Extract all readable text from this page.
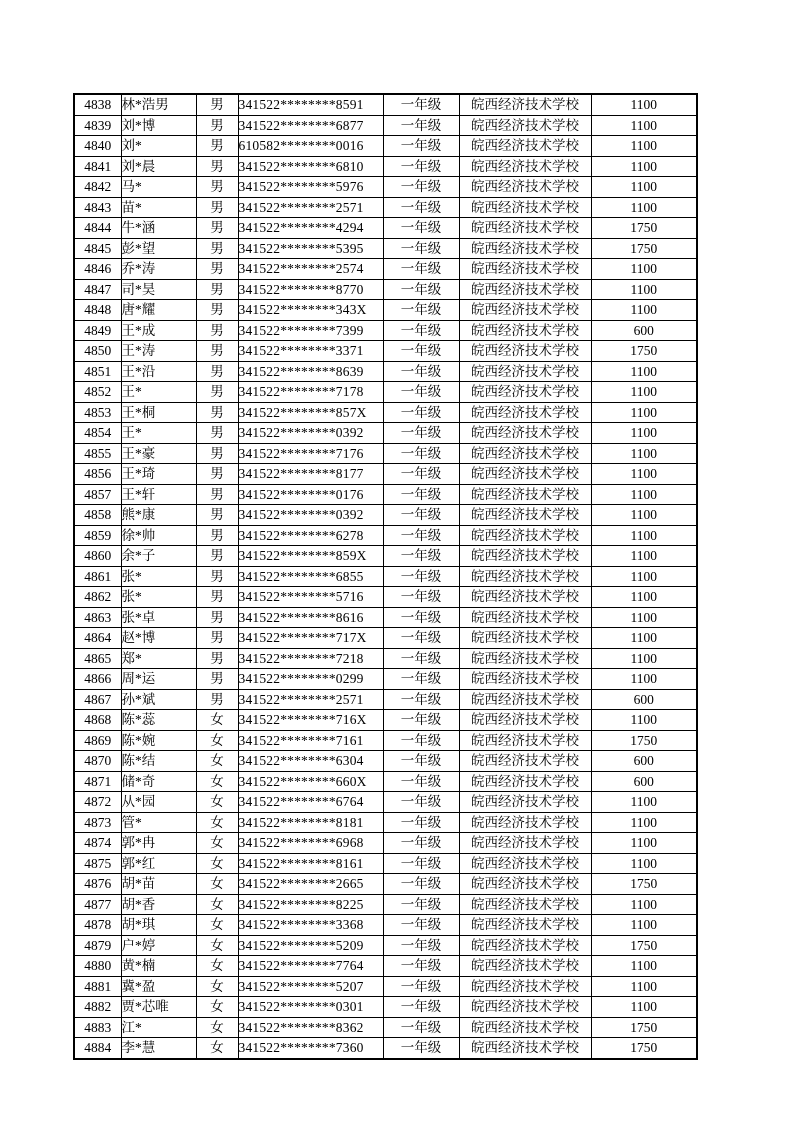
4838	林*浩男	男	341522********8591	一年级	皖西经济技术学校	1100
4839	刘*博	男	341522********6877	一年级	皖西经济技术学校	1100
4840	刘*	男	610582********0016	一年级	皖西经济技术学校	1100
4841	刘*晨	男	341522********6810	一年级	皖西经济技术学校	1100
4842	马*	男	341522********5976	一年级	皖西经济技术学校	1100
4843	苗*	男	341522********2571	一年级	皖西经济技术学校	1100
4844	牛*涵	男	341522********4294	一年级	皖西经济技术学校	1750
4845	彭*望	男	341522********5395	一年级	皖西经济技术学校	1750
4846	乔*涛	男	341522********2574	一年级	皖西经济技术学校	1100
4847	司*昊	男	341522********8770	一年级	皖西经济技术学校	1100
4848	唐*耀	男	341522********343X	一年级	皖西经济技术学校	1100
4849	王*成	男	341522********7399	一年级	皖西经济技术学校	600
4850	王*涛	男	341522********3371	一年级	皖西经济技术学校	1750
4851	王*沿	男	341522********8639	一年级	皖西经济技术学校	1100
4852	王*	男	341522********7178	一年级	皖西经济技术学校	1100
4853	王*桐	男	341522********857X	一年级	皖西经济技术学校	1100
4854	王*	男	341522********0392	一年级	皖西经济技术学校	1100
4855	王*豪	男	341522********7176	一年级	皖西经济技术学校	1100
4856	王*琦	男	341522********8177	一年级	皖西经济技术学校	1100
4857	王*轩	男	341522********0176	一年级	皖西经济技术学校	1100
4858	熊*康	男	341522********0392	一年级	皖西经济技术学校	1100
4859	徐*帅	男	341522********6278	一年级	皖西经济技术学校	1100
4860	余*子	男	341522********859X	一年级	皖西经济技术学校	1100
4861	张*	男	341522********6855	一年级	皖西经济技术学校	1100
4862	张*	男	341522********5716	一年级	皖西经济技术学校	1100
4863	张*卓	男	341522********8616	一年级	皖西经济技术学校	1100
4864	赵*博	男	341522********717X	一年级	皖西经济技术学校	1100
4865	郑*	男	341522********7218	一年级	皖西经济技术学校	1100
4866	周*运	男	341522********0299	一年级	皖西经济技术学校	1100
4867	孙*斌	男	341522********2571	一年级	皖西经济技术学校	600
4868	陈*蕊	女	341522********716X	一年级	皖西经济技术学校	1100
4869	陈*婉	女	341522********7161	一年级	皖西经济技术学校	1750
4870	陈*结	女	341522********6304	一年级	皖西经济技术学校	600
4871	储*奇	女	341522********660X	一年级	皖西经济技术学校	600
4872	从*园	女	341522********6764	一年级	皖西经济技术学校	1100
4873	管*	女	341522********8181	一年级	皖西经济技术学校	1100
4874	郭*冉	女	341522********6968	一年级	皖西经济技术学校	1100
4875	郭*红	女	341522********8161	一年级	皖西经济技术学校	1100
4876	胡*苗	女	341522********2665	一年级	皖西经济技术学校	1750
4877	胡*香	女	341522********8225	一年级	皖西经济技术学校	1100
4878	胡*琪	女	341522********3368	一年级	皖西经济技术学校	1100
4879	户*婷	女	341522********5209	一年级	皖西经济技术学校	1750
4880	黄*楠	女	341522********7764	一年级	皖西经济技术学校	1100
4881	冀*盈	女	341522********5207	一年级	皖西经济技术学校	1100
4882	贾*芯唯	女	341522********0301	一年级	皖西经济技术学校	1100
4883	江*	女	341522********8362	一年级	皖西经济技术学校	1750
4884	李*慧	女	341522********7360	一年级	皖西经济技术学校	1750
